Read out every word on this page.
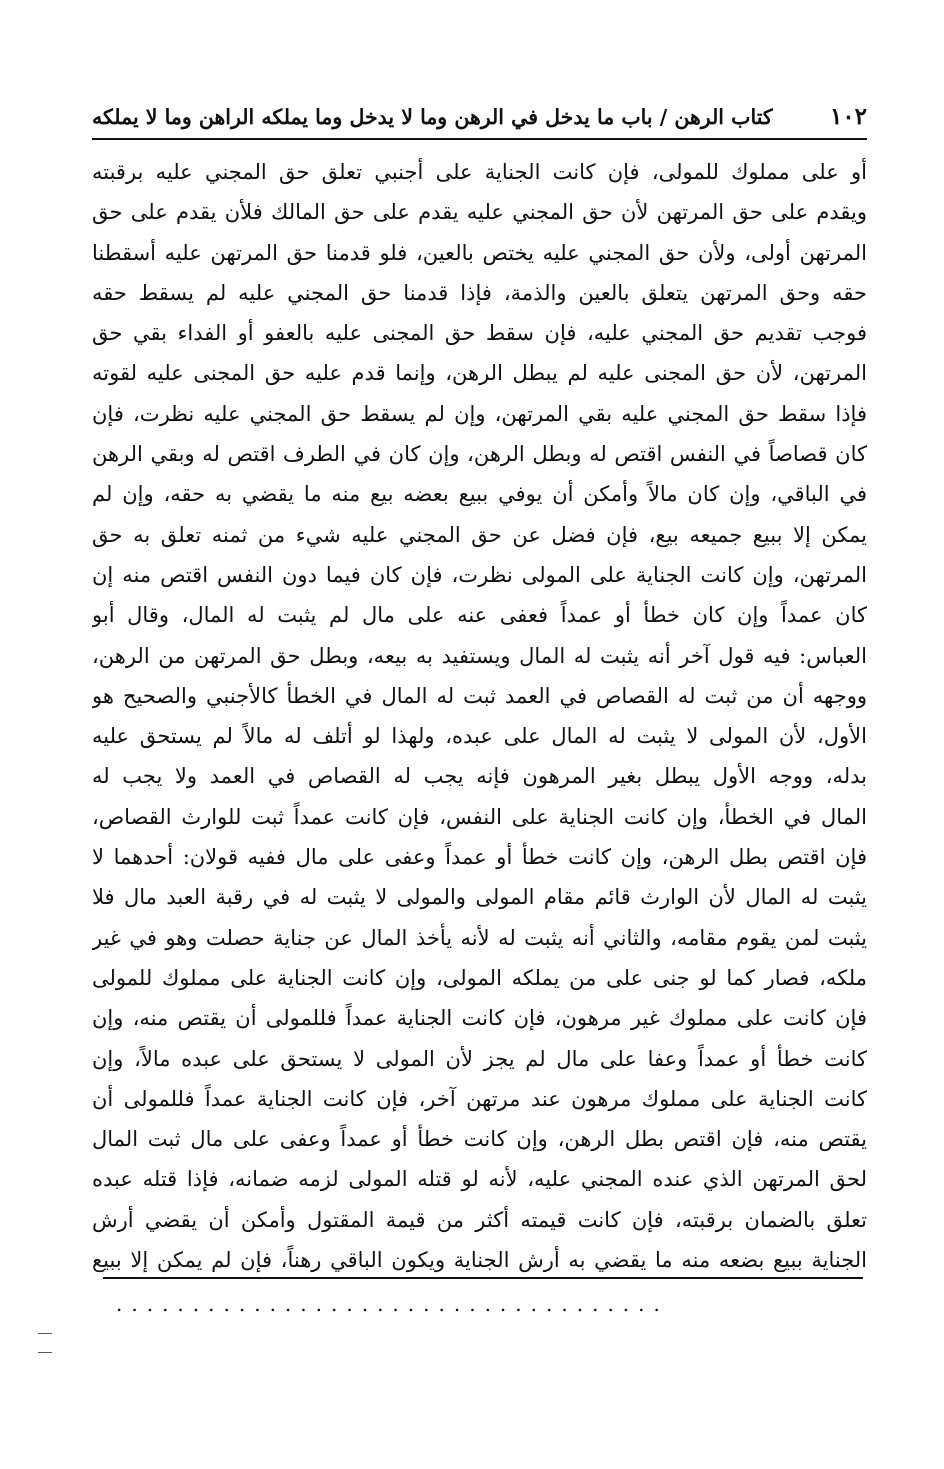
١٠٢
كتاب الرهن / باب ما يدخل في الرهن وما لا يدخل وما يملكه الراهن وما لا يملكه
أو على مملوك للمولى، فإن كانت الجناية على أجنبي تعلق حق المجني عليه برقبته
ويقدم على حق المرتهن لأن حق المجني عليه يقدم على حق المالك فلأن يقدم على حق
المرتهن أولى، ولأن حق المجني عليه يختص بالعين، فلو قدمنا حق المرتهن عليه أسقطنا
حقه وحق المرتهن يتعلق بالعين والذمة، فإذا قدمنا حق المجني عليه لم يسقط حقه
فوجب تقديم حق المجني عليه، فإن سقط حق المجنى عليه بالعفو أو الفداء بقي حق
المرتهن، لأن حق المجنى عليه لم يبطل الرهن، وإنما قدم عليه حق المجنى عليه لقوته
فإذا سقط حق المجني عليه بقي المرتهن، وإن لم يسقط حق المجني عليه نظرت، فإن
كان قصاصاً في النفس اقتص له وبطل الرهن، وإن كان في الطرف اقتص له وبقي الرهن
في الباقي، وإن كان مالاً وأمكن أن يوفي ببيع بعضه بيع منه ما يقضي به حقه، وإن لم
يمكن إلا ببيع جميعه بيع، فإن فضل عن حق المجني عليه شيء من ثمنه تعلق به حق
المرتهن، وإن كانت الجناية على المولى نظرت، فإن كان فيما دون النفس اقتص منه إن
كان عمداً وإن كان خطأ أو عمداً فعفى عنه على مال لم يثبت له المال، وقال أبو
العباس: فيه قول آخر أنه يثبت له المال ويستفيد به بيعه، وبطل حق المرتهن من الرهن،
ووجهه أن من ثبت له القصاص في العمد ثبت له المال في الخطأ كالأجنبي والصحيح هو
الأول، لأن المولى لا يثبت له المال على عبده، ولهذا لو أتلف له مالاً لم يستحق عليه
بدله، ووجه الأول يبطل بغير المرهون فإنه يجب له القصاص في العمد ولا يجب له
المال في الخطأ، وإن كانت الجناية على النفس، فإن كانت عمداً ثبت للوارث القصاص،
فإن اقتص بطل الرهن، وإن كانت خطأ أو عمداً وعفى على مال ففيه قولان: أحدهما لا
يثبت له المال لأن الوارث قائم مقام المولى والمولى لا يثبت له في رقبة العبد مال فلا
يثبت لمن يقوم مقامه، والثاني أنه يثبت له لأنه يأخذ المال عن جناية حصلت وهو في غير
ملكه، فصار كما لو جنى على من يملكه المولى، وإن كانت الجناية على مملوك للمولى
فإن كانت على مملوك غير مرهون، فإن كانت الجناية عمداً فللمولى أن يقتص منه، وإن
كانت خطأ أو عمداً وعفا على مال لم يجز لأن المولى لا يستحق على عبده مالاً، وإن
كانت الجناية على مملوك مرهون عند مرتهن آخر، فإن كانت الجناية عمداً فللمولى أن
يقتص منه، فإن اقتص بطل الرهن، وإن كانت خطأ أو عمداً وعفى على مال ثبت المال
لحق المرتهن الذي عنده المجني عليه، لأنه لو قتله المولى لزمه ضمانه، فإذا قتله عبده
تعلق بالضمان برقبته، فإن كانت قيمته أكثر من قيمة المقتول وأمكن أن يقضي أرش
الجناية ببيع بضعه منه ما يقضي به أرش الجناية ويكون الباقي رهناً، فإن لم يمكن إلا ببيع
....................................
